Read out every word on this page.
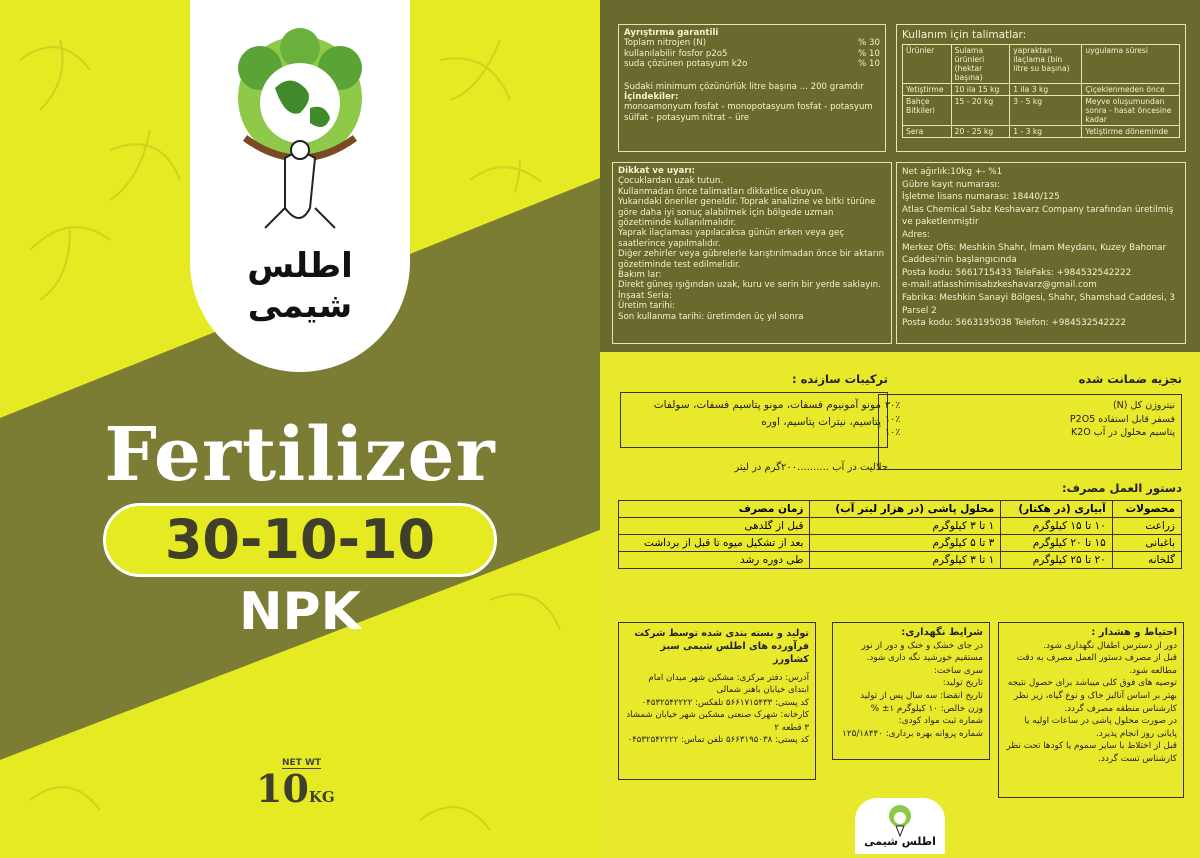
اطلس شیمی
Fertilizer
30-10-10
NPK
NET WT
10KG
Ayrıştırma garantili
Toplam nitrojen (N)	% 30
kullanılabilir fosfor p2o5	% 10
suda çözünen potasyum k2o	% 10
Sudaki minimum çözünürlük litre başına ... 200 gramdır
İçindekiler:
monoamonyum fosfat - monopotasyum fosfat - potasyum sülfat - potasyum nitrat – üre
Kullanım için talimatlar:
Ürünler	Sulama ürünleri (hektar başına)	yapraktan ilaçlama (bin litre su başına)	uygulama süresi
Yetiştirme	10 ila 15 kg	1 ila 3 kg	Çiçeklenmeden önce
Bahçe Bitkileri	15 - 20 kg	3 - 5 kg	Meyve oluşumundan sonra - hasat öncesine kadar
Sera	20 - 25 kg	1 - 3 kg	Yetiştirme döneminde
Dikkat ve uyarı:
Çocuklardan uzak tutun.
Kullanmadan önce talimatları dikkatlice okuyun.
Yukarıdaki öneriler geneldir. Toprak analizine ve bitki türüne göre daha iyi sonuç alabilmek için bölgede uzman gözetiminde kullanılmalıdır.
Yaprak ilaçlaması yapılacaksa günün erken veya geç saatlerince yapılmalıdır.
Diğer zehirler veya gübrelerle karıştırılmadan önce bir aktarın gözetiminde test edilmelidir.
Bakım lar:
Direkt güneş ışığından uzak, kuru ve serin bir yerde saklayın.
İnşaat Seria:
Üretim tarihi:
Son kullanma tarihi: üretimden üç yıl sonra
Net ağırlık:10kg +- %1
Gübre kayıt numarası:
İşletme lisans numarası: 18440/125
Atlas Chemical Sabz Keshavarz Company tarafından üretilmiş ve paketlenmiştir
Adres:
Merkez Ofis: Meshkin Shahr, İmam Meydanı, Kuzey Bahonar Caddesi'nin başlangıcında
Posta kodu: 5661715433 TeleFaks: +984532542222
e-mail:atlasshimisabzkeshavarz@gmail.com
Fabrika: Meshkin Sanayi Bölgesi, Shahr, Shamshad Caddesi, 3 Parsel 2
Posta kodu: 5663195038 Telefon: +984532542222
ترکیبات سازنده :
مونو آمونیوم فسفات، مونو پتاسیم فسفات، سولفات پتاسیم، نیترات پتاسیم، اوره
حلالیت در آب ..........۲۰۰گرم در لیتر
تجزیه ضمانت شده
نیتروژن کل (N)
۳۰٪
فسفر قابل استفاده P2O5
۱۰٪
پتاسیم محلول در آب K2O
۱۰٪
دستور العمل مصرف:
محصولات	آبیاری (در هکتار)	محلول پاشی (در هزار لیتر آب)	زمان مصرف
زراعت	۱۰ تا ۱۵ کیلوگرم	۱ تا ۳ کیلوگرم	قبل از گلدهی
باغبانی	۱۵ تا ۲۰ کیلوگرم	۳ تا ۵ کیلوگرم	بعد از تشکیل میوه تا قبل از برداشت
گلخانه	۲۰ تا ۲۵ کیلوگرم	۱ تا ۳ کیلوگرم	طی دوره رشد
تولید و بسته بندی شده توسط شرکت فرآورده های اطلس شیمی سبز کشاورز
آدرس: دفتر مرکزی: مشکین شهر میدان امام ابتدای خیابان باهنر شمالی
کد پستی: ۵۶۶۱۷۱۵۴۳۳ تلفکس: ۰۴۵۳۲۵۴۲۲۲۲
کارخانه: شهرک صنعتی مشکین شهر خیابان شمشاد ۳ قطعه ۲
کد پستی: ۵۶۶۳۱۹۵۰۳۸ تلفن تماس: ۰۴۵۳۲۵۴۲۲۲۲
شرایط نگهداری:
در جای خشک و خنک و دور از نور مستقیم خورشید نگه داری شود.
سری ساخت:
تاریخ تولید:
تاریخ انقضا: سه سال پس از تولید
وزن خالص: ۱۰ کیلوگرم ۱± %
شماره ثبت مواد کودی:
شماره پروانه بهره برداری: ۱۲۵/۱۸۴۴۰
احتیاط و هشدار :
دور از دسترس اطفال نگهداری شود.
قبل از مصرف دستور العمل مصرف به دقت مطالعه شود.
توصیه های فوق کلی میباشد برای حصول نتیجه بهتر بر اساس آنالیز خاک و نوع گیاه، زیر نظر کارشناس منطقه مصرف گردد.
در صورت محلول پاشی در ساعات اولیه یا پایانی روز انجام پذیرد.
قبل از اختلاط با سایر سموم یا کودها تحت نظر کارشناس تست گردد.
اطلس شیمی
